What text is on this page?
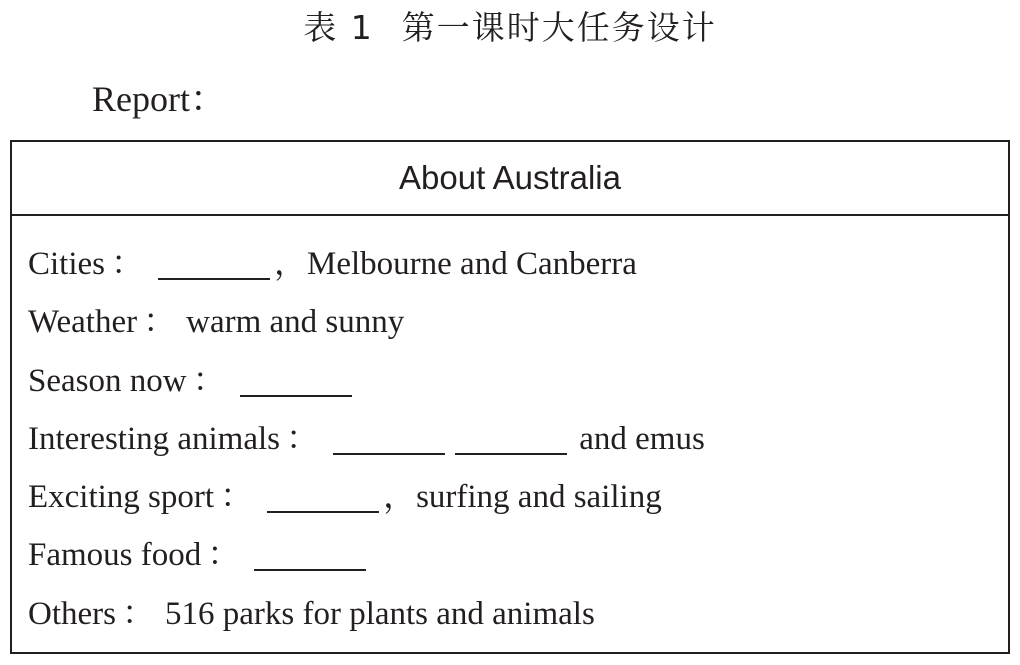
表 1 第一课时大任务设计
Report：
About Australia
Cities ：	，Melbourne and Canberra
Weather ： warm and sunny
Season now ：
Interesting animals ：	and emus
Exciting sport ：	，surfing and sailing
Famous food ：
Others ： 516 parks for plants and animals
